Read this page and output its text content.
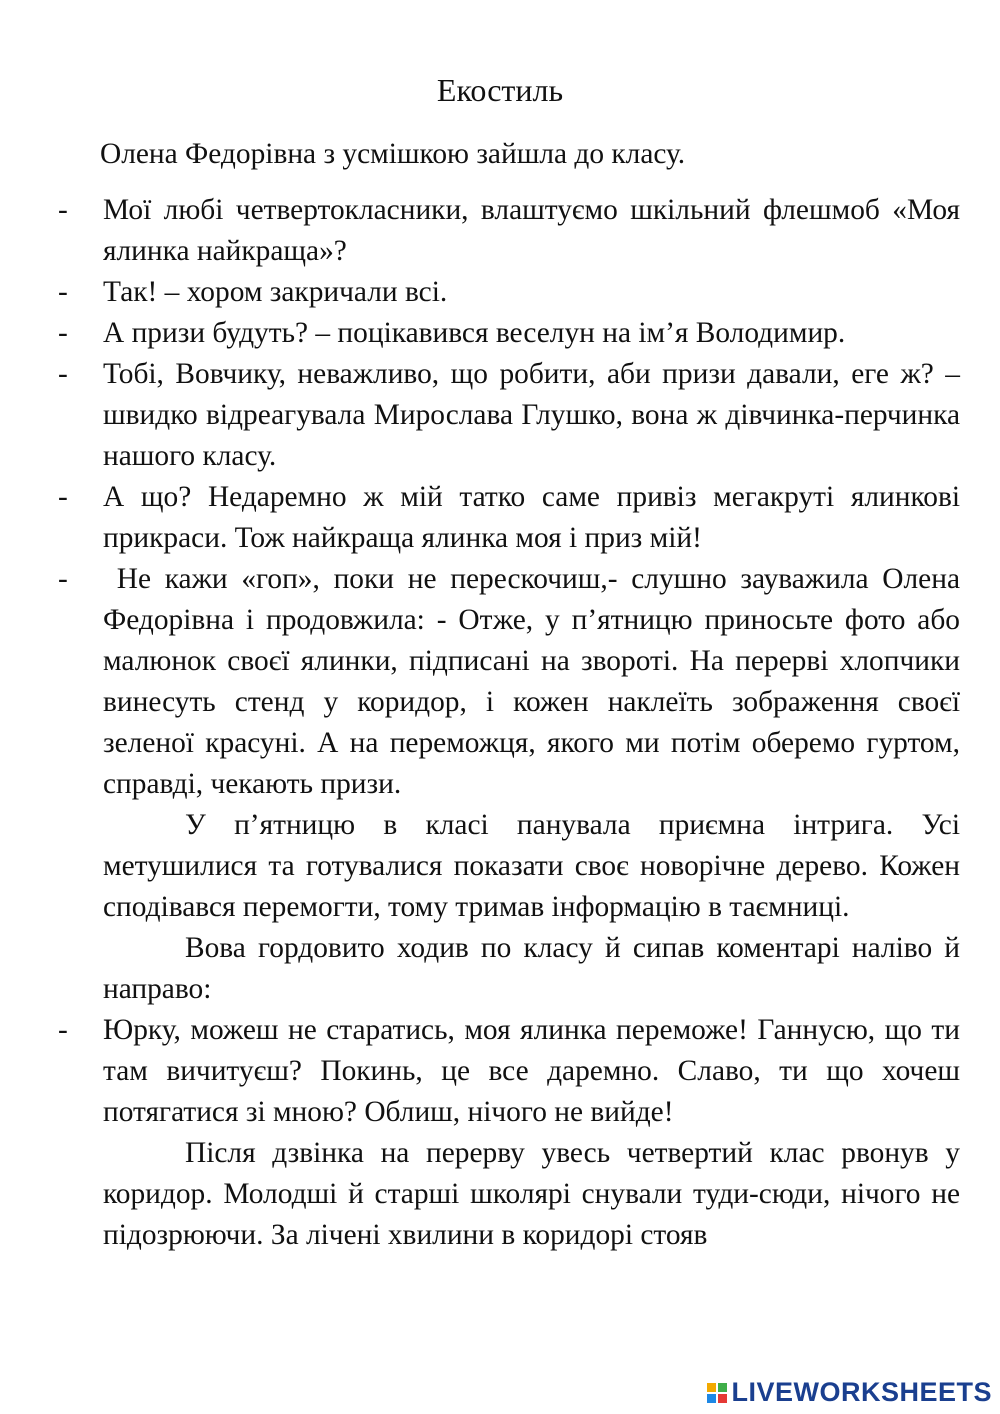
Екостиль

Олена Федорівна з усмішкою зайшла до класу.

- Мої любі четвертокласники, влаштуємо шкільний флешмоб «Моя ялинка найкраща»?

- Так! – хором закричали всі.

- А призи будуть? – поцікавився веселун на ім’я Володимир.

- Тобі, Вовчику, неважливо, що робити, аби призи давали, еге ж? – швидко відреагувала Мирослава Глушко, вона ж дівчинка-перчинка нашого класу.

- А що? Недаремно ж мій татко саме привіз мегакруті ялинкові прикраси. Тож найкраща ялинка моя і приз мій!

- Не кажи «гоп», поки не перескочиш,- слушно зауважила Олена Федорівна і продовжила: - Отже, у п’ятницю приносьте фото або малюнок своєї ялинки, підписані на звороті. На перерві хлопчики винесуть стенд у коридор, і кожен наклеїть зображення своєї зеленої красуні. А на переможця, якого ми потім оберемо гуртом, справді, чекають призи.

У п’ятницю в класі панувала приємна інтрига. Усі метушилися та готувалися показати своє новорічне дерево. Кожен сподівався перемогти, тому тримав інформацію в таємниці.

Вова гордовито ходив по класу й сипав коментарі наліво й направо:

- Юрку, можеш не старатись, моя ялинка переможе! Ганнусю, що ти там вичитуєш? Покинь, це все даремно. Славо, ти що хочеш потягатися зі мною? Облиш, нічого не вийде!

Після дзвінка на перерву увесь четвертий клас рвонув у коридор. Молодші й старші школярі снували туди-сюди, нічого не підозрюючи. За лічені хвилини в коридорі стояв

LIVEWORKSHEETS
